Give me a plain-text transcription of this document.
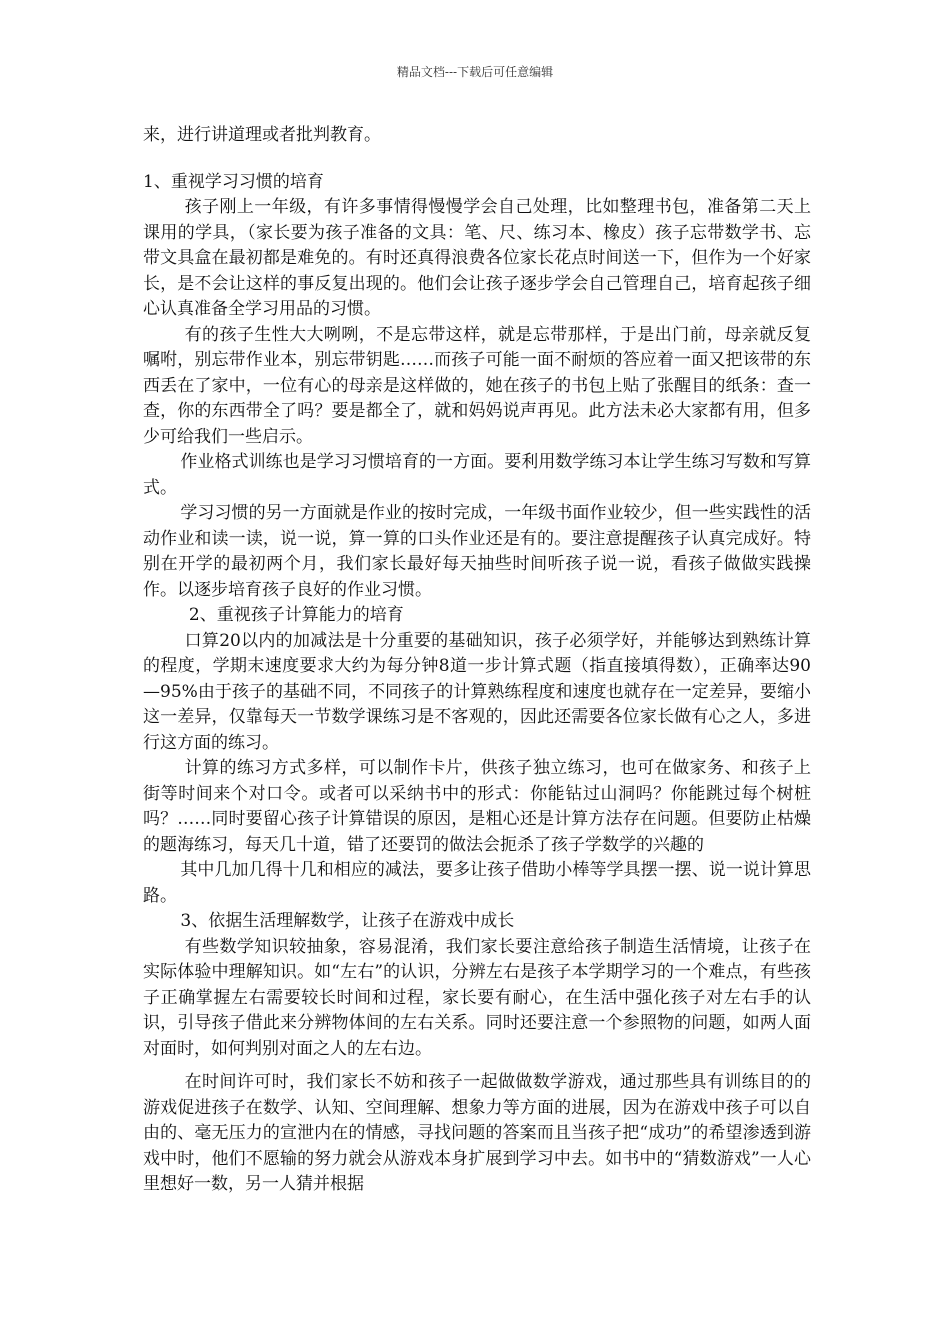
精品文档---下载后可任意编辑

来，进行讲道理或者批判教育。

1、重视学习习惯的培育

孩子刚上一年级，有许多事情得慢慢学会自己处理，比如整理书包，准备第二天上课用的学具，（家长要为孩子准备的文具：笔、尺、练习本、橡皮）孩子忘带数学书、忘带文具盒在最初都是难免的。有时还真得浪费各位家长花点时间送一下，但作为一个好家长，是不会让这样的事反复出现的。他们会让孩子逐步学会自己管理自己，培育起孩子细心认真准备全学习用品的习惯。

有的孩子生性大大咧咧，不是忘带这样，就是忘带那样，于是出门前，母亲就反复嘱咐，别忘带作业本，别忘带钥匙……而孩子可能一面不耐烦的答应着一面又把该带的东西丢在了家中，一位有心的母亲是这样做的，她在孩子的书包上贴了张醒目的纸条：查一查，你的东西带全了吗？要是都全了，就和妈妈说声再见。此方法未必大家都有用，但多少可给我们一些启示。

作业格式训练也是学习习惯培育的一方面。要利用数学练习本让学生练习写数和写算式。

学习习惯的另一方面就是作业的按时完成，一年级书面作业较少，但一些实践性的活动作业和读一读，说一说，算一算的口头作业还是有的。要注意提醒孩子认真完成好。特别在开学的最初两个月，我们家长最好每天抽些时间听孩子说一说，看孩子做做实践操作。以逐步培育孩子良好的作业习惯。

2、重视孩子计算能力的培育

口算20以内的加减法是十分重要的基础知识，孩子必须学好，并能够达到熟练计算的程度，学期末速度要求大约为每分钟8道一步计算式题（指直接填得数），正确率达90—95%由于孩子的基础不同，不同孩子的计算熟练程度和速度也就存在一定差异，要缩小这一差异，仅靠每天一节数学课练习是不客观的，因此还需要各位家长做有心之人，多进行这方面的练习。

计算的练习方式多样，可以制作卡片，供孩子独立练习，也可在做家务、和孩子上街等时间来个对口令。或者可以采纳书中的形式：你能钻过山洞吗？你能跳过每个树桩吗？……同时要留心孩子计算错误的原因，是粗心还是计算方法存在问题。但要防止枯燥的题海练习，每天几十道，错了还要罚的做法会扼杀了孩子学数学的兴趣的

其中几加几得十几和相应的减法，要多让孩子借助小棒等学具摆一摆、说一说计算思路。

3、依据生活理解数学，让孩子在游戏中成长

有些数学知识较抽象，容易混淆，我们家长要注意给孩子制造生活情境，让孩子在实际体验中理解知识。如“左右”的认识，分辨左右是孩子本学期学习的一个难点，有些孩子正确掌握左右需要较长时间和过程，家长要有耐心，在生活中强化孩子对左右手的认识，引导孩子借此来分辨物体间的左右关系。同时还要注意一个参照物的问题，如两人面对面时，如何判别对面之人的左右边。

在时间许可时，我们家长不妨和孩子一起做做数学游戏，通过那些具有训练目的的游戏促进孩子在数学、认知、空间理解、想象力等方面的进展，因为在游戏中孩子可以自由的、毫无压力的宣泄内在的情感，寻找问题的答案而且当孩子把“成功”的希望渗透到游戏中时，他们不愿输的努力就会从游戏本身扩展到学习中去。如书中的“猜数游戏”一人心里想好一数，另一人猜并根据
